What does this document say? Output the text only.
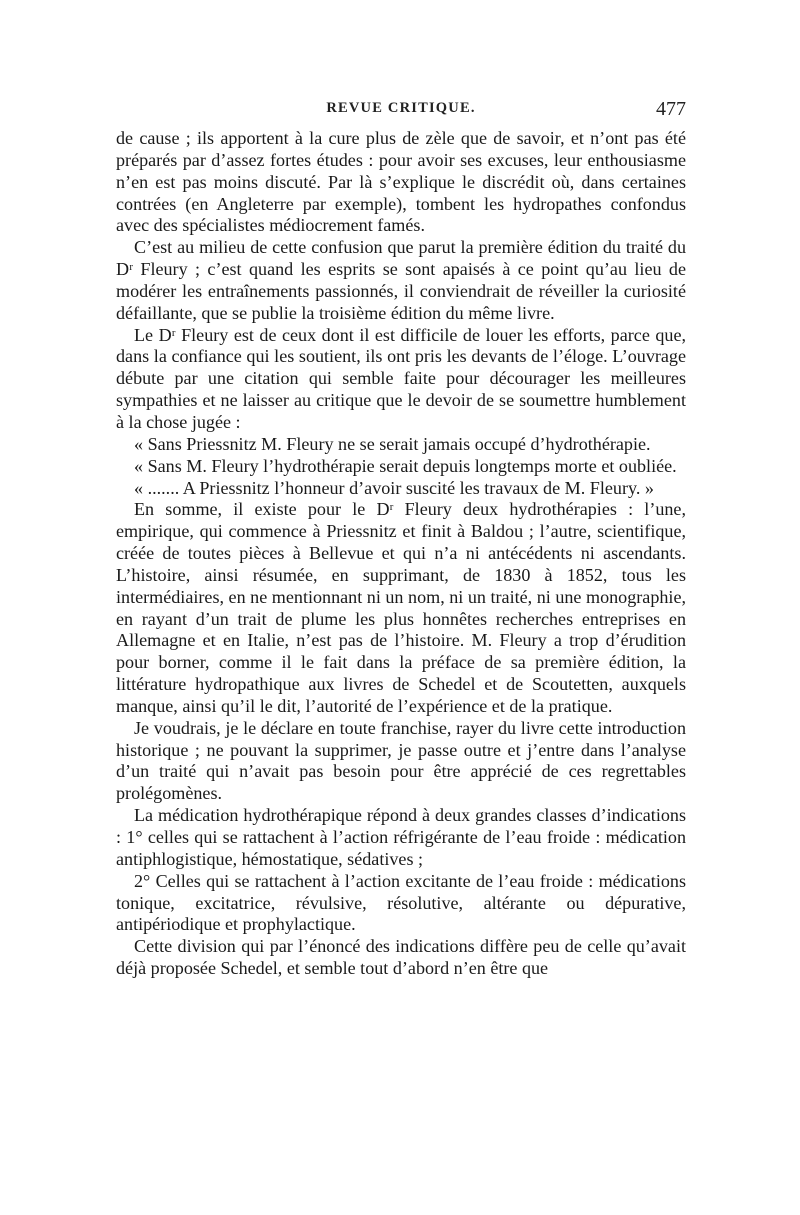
REVUE CRITIQUE.	477

de cause ; ils apportent à la cure plus de zèle que de savoir, et n’ont pas été préparés par d’assez fortes études : pour avoir ses excuses, leur enthousiasme n’en est pas moins discuté. Par là s’explique le discrédit où, dans certaines contrées (en Angleterre par exemple), tombent les hydropathes confondus avec des spécialistes médiocrement famés.

C’est au milieu de cette confusion que parut la première édition du traité du Dʳ Fleury ; c’est quand les esprits se sont apaisés à ce point qu’au lieu de modérer les entraînements passionnés, il conviendrait de réveiller la curiosité défaillante, que se publie la troisième édition du même livre.

Le Dʳ Fleury est de ceux dont il est difficile de louer les efforts, parce que, dans la confiance qui les soutient, ils ont pris les devants de l’éloge. L’ouvrage débute par une citation qui semble faite pour décourager les meilleures sympathies et ne laisser au critique que le devoir de se soumettre humblement à la chose jugée :

« Sans Priessnitz M. Fleury ne se serait jamais occupé d’hydrothérapie.

« Sans M. Fleury l’hydrothérapie serait depuis longtemps morte et oubliée.

« ....... A Priessnitz l’honneur d’avoir suscité les travaux de M. Fleury. »

En somme, il existe pour le Dʳ Fleury deux hydrothérapies : l’une, empirique, qui commence à Priessnitz et finit à Baldou ; l’autre, scientifique, créée de toutes pièces à Bellevue et qui n’a ni antécédents ni ascendants. L’histoire, ainsi résumée, en supprimant, de 1830 à 1852, tous les intermédiaires, en ne mentionnant ni un nom, ni un traité, ni une monographie, en rayant d’un trait de plume les plus honnêtes recherches entreprises en Allemagne et en Italie, n’est pas de l’histoire. M. Fleury a trop d’érudition pour borner, comme il le fait dans la préface de sa première édition, la littérature hydropathique aux livres de Schedel et de Scoutetten, auxquels manque, ainsi qu’il le dit, l’autorité de l’expérience et de la pratique.

Je voudrais, je le déclare en toute franchise, rayer du livre cette introduction historique ; ne pouvant la supprimer, je passe outre et j’entre dans l’analyse d’un traité qui n’avait pas besoin pour être apprécié de ces regrettables prolégomènes.

La médication hydrothérapique répond à deux grandes classes d’indications : 1° celles qui se rattachent à l’action réfrigérante de l’eau froide : médication antiphlogistique, hémostatique, sédatives ;

2° Celles qui se rattachent à l’action excitante de l’eau froide : médications tonique, excitatrice, révulsive, résolutive, altérante ou dépurative, antipériodique et prophylactique.

Cette division qui par l’énoncé des indications diffère peu de celle qu’avait déjà proposée Schedel, et semble tout d’abord n’en être que
